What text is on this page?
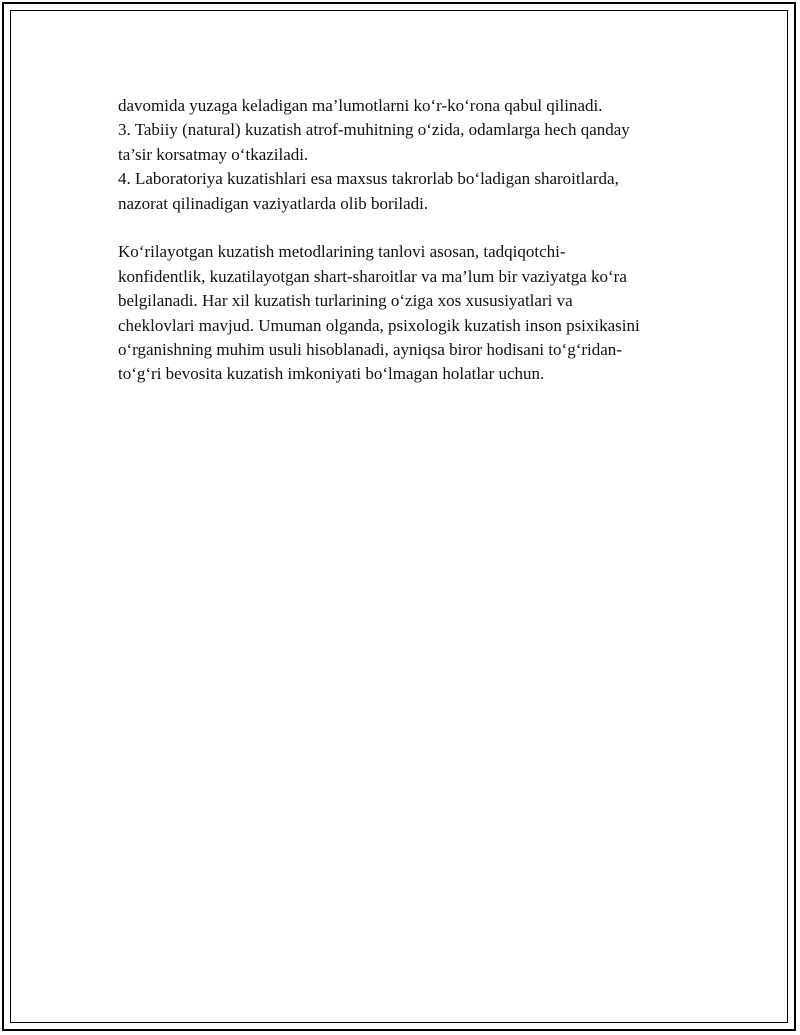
davomida yuzaga keladigan ma’lumotlarni ko‘r-ko‘rona qabul qilinadi.
3. Tabiiy (natural) kuzatish atrof-muhitning o‘zida, odamlarga hech qanday
ta’sir korsatmay o‘tkaziladi.
4. Laboratoriya kuzatishlari esa maxsus takrorlab bo‘ladigan sharoitlarda,
nazorat qilinadigan vaziyatlarda olib boriladi.
Ko‘rilayotgan kuzatish metodlarining tanlovi asosan, tadqiqotchi-
konfidentlik, kuzatilayotgan shart-sharoitlar va ma’lum bir vaziyatga ko‘ra
belgilanadi. Har xil kuzatish turlarining o‘ziga xos xususiyatlari va
cheklovlari mavjud. Umuman olganda, psixologik kuzatish inson psixikasini
o‘rganishning muhim usuli hisoblanadi, ayniqsa biror hodisani to‘g‘ridan-
to‘g‘ri bevosita kuzatish imkoniyati bo‘lmagan holatlar uchun.
